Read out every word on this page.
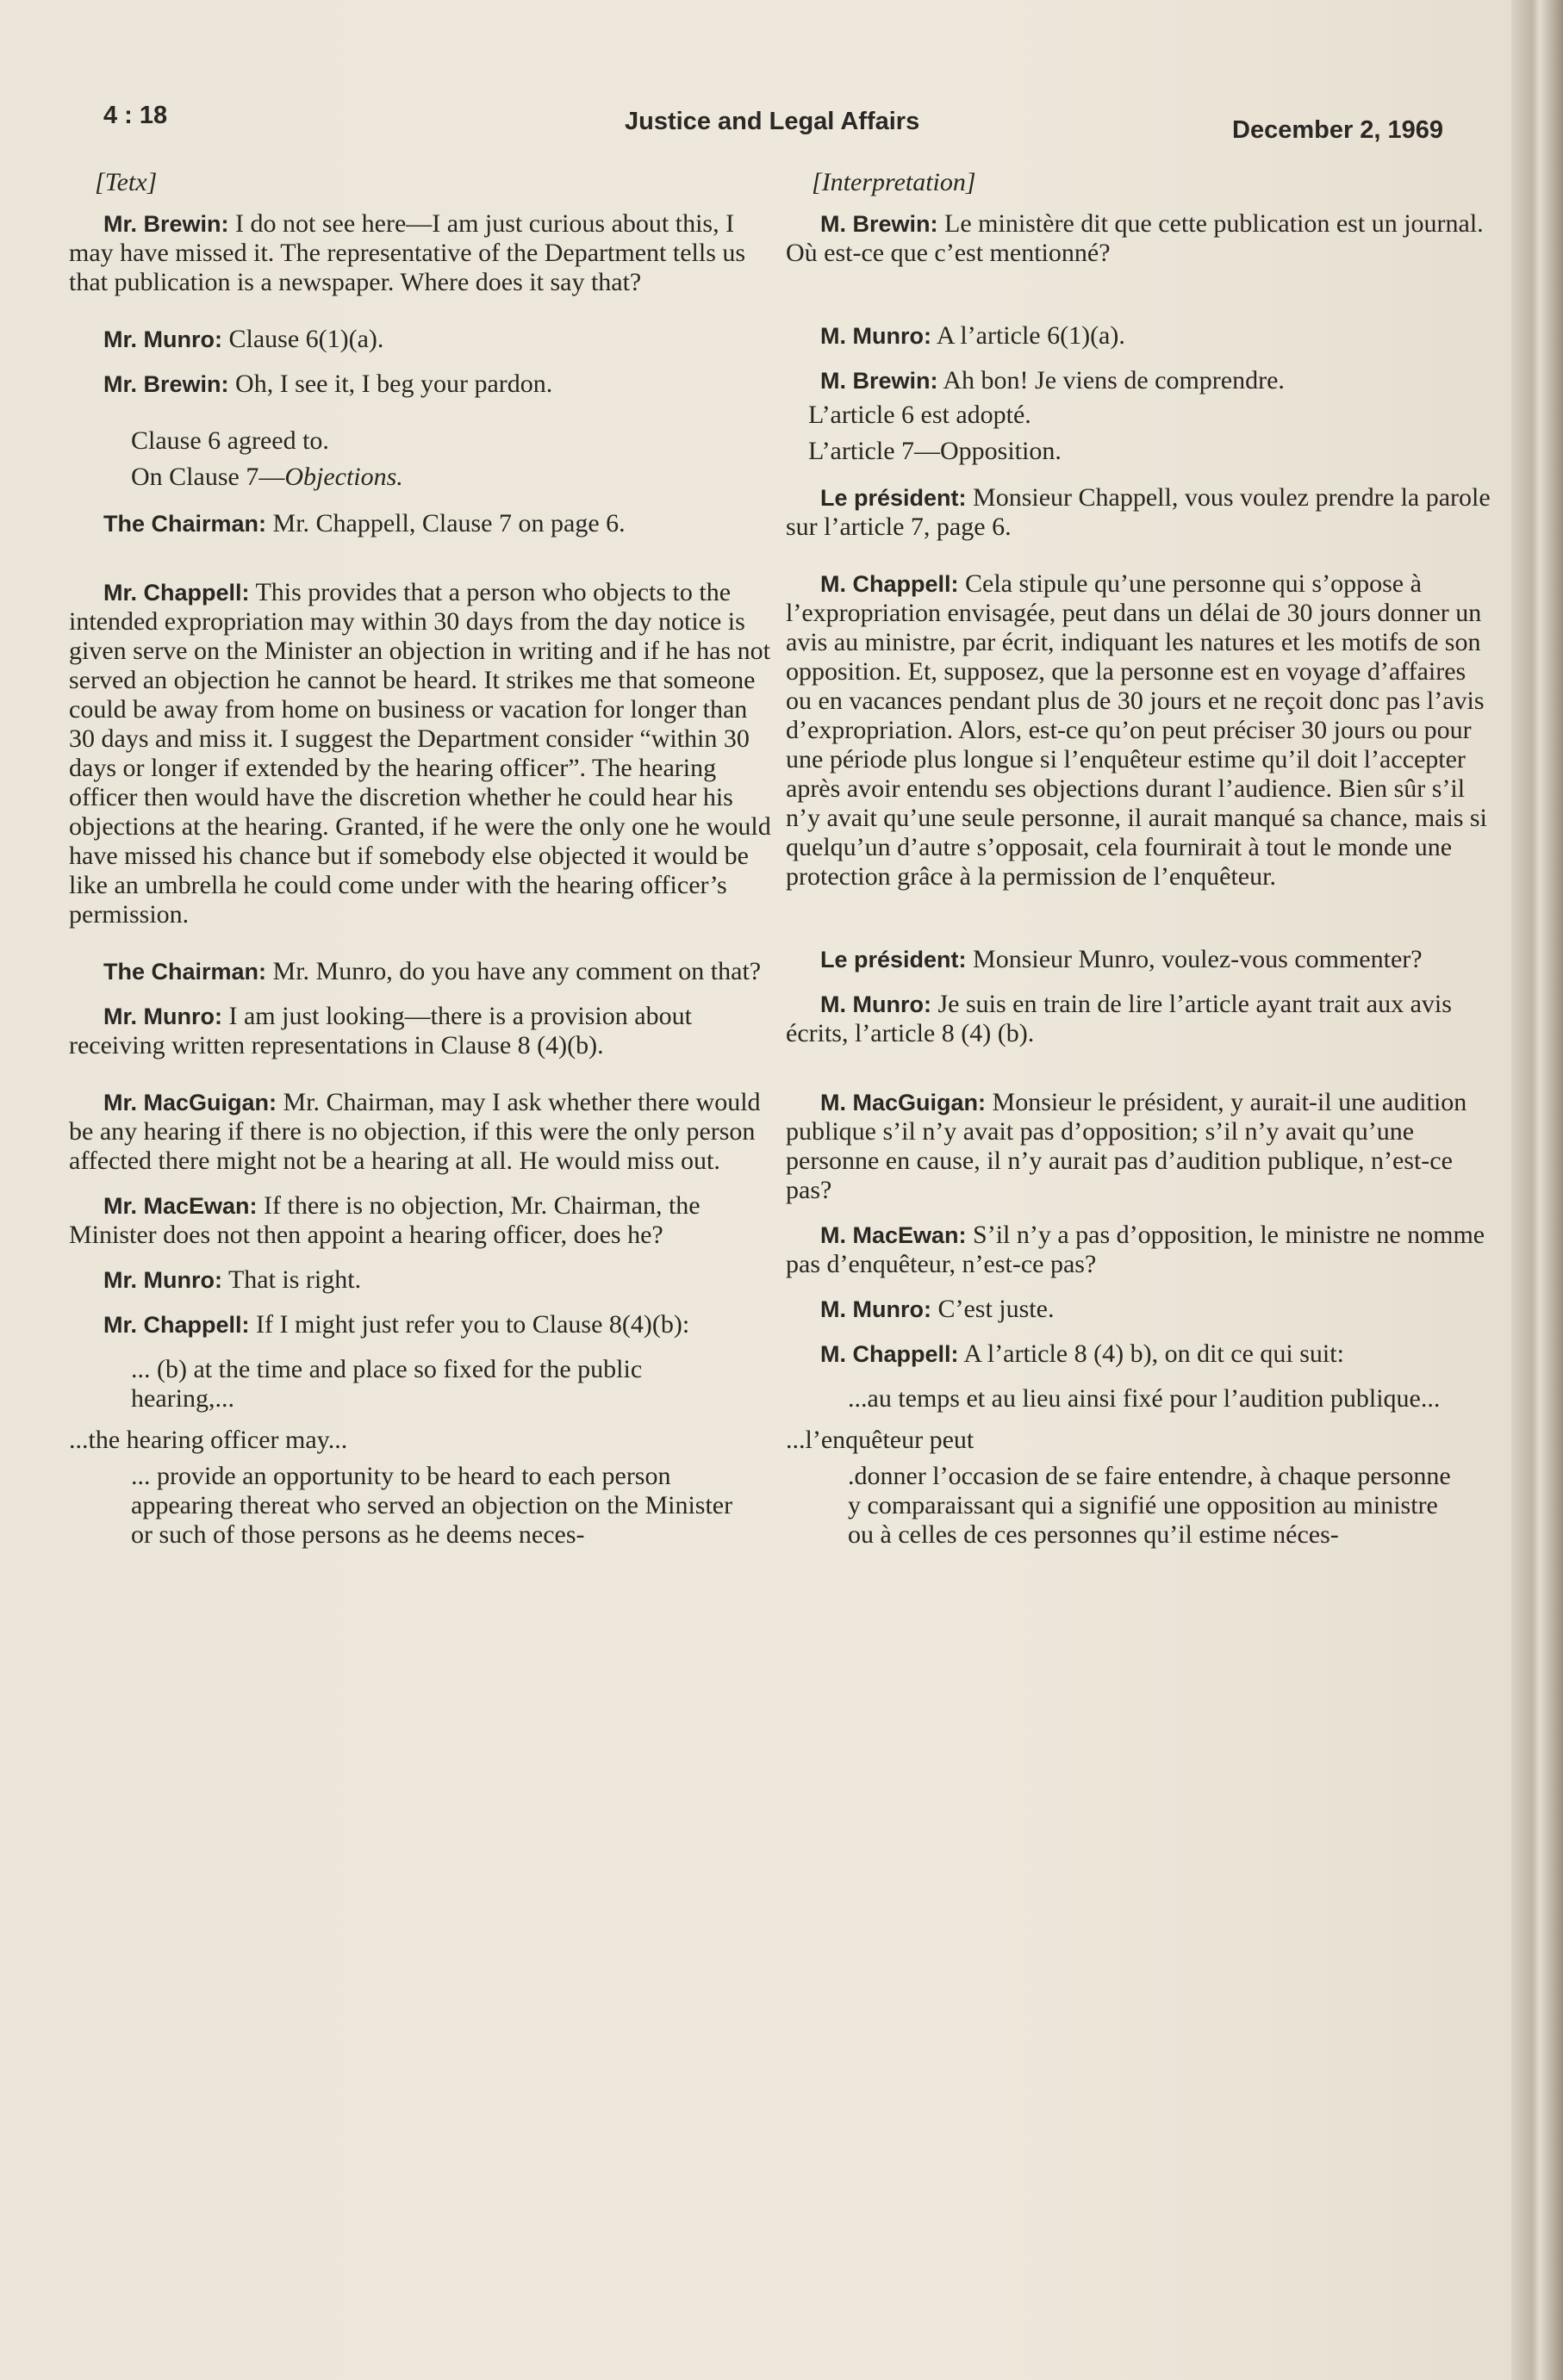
4 : 18	Justice and Legal Affairs	December 2, 1969
[Tetx]

Mr. Brewin: I do not see here—I am just curious about this, I may have missed it. The representative of the Department tells us that publication is a newspaper. Where does it say that?

Mr. Munro: Clause 6(1)(a).

Mr. Brewin: Oh, I see it, I beg your pardon.

Clause 6 agreed to.
On Clause 7—Objections.

The Chairman: Mr. Chappell, Clause 7 on page 6.

Mr. Chappell: This provides that a person who objects to the intended expropriation may within 30 days from the day notice is given serve on the Minister an objection in writing and if he has not served an objection he cannot be heard. It strikes me that someone could be away from home on business or vacation for longer than 30 days and miss it. I suggest the Department consider “within 30 days or longer if extended by the hearing officer”. The hearing officer then would have the discretion whether he could hear his objections at the hearing. Granted, if he were the only one he would have missed his chance but if somebody else objected it would be like an umbrella he could come under with the hearing officer’s permission.

The Chairman: Mr. Munro, do you have any comment on that?

Mr. Munro: I am just looking—there is a provision about receiving written representations in Clause 8 (4)(b).

Mr. MacGuigan: Mr. Chairman, may I ask whether there would be any hearing if there is no objection, if this were the only person affected there might not be a hearing at all. He would miss out.

Mr. MacEwan: If there is no objection, Mr. Chairman, the Minister does not then appoint a hearing officer, does he?

Mr. Munro: That is right.

Mr. Chappell: If I might just refer you to Clause 8(4)(b):

... (b) at the time and place so fixed for the public hearing,...
...the hearing officer may...
... provide an opportunity to be heard to each person appearing thereat who served an objection on the Minister or such of those persons as he deems neces-
[Interpretation]

M. Brewin: Le ministère dit que cette publication est un journal. Où est-ce que c’est mentionné?

M. Munro: A l’article 6(1)(a).

M. Brewin: Ah bon! Je viens de comprendre.

L’article 6 est adopté.
L’article 7—Opposition.

Le président: Monsieur Chappell, vous voulez prendre la parole sur l’article 7, page 6.

M. Chappell: Cela stipule qu’une personne qui s’oppose à l’expropriation envisagée, peut dans un délai de 30 jours donner un avis au ministre, par écrit, indiquant les natures et les motifs de son opposition. Et, supposez, que la personne est en voyage d’affaires ou en vacances pendant plus de 30 jours et ne reçoit donc pas l’avis d’expropriation. Alors, est-ce qu’on peut préciser 30 jours ou pour une période plus longue si l’enquêteur estime qu’il doit l’accepter après avoir entendu ses objections durant l’audience. Bien sûr s’il n’y avait qu’une seule personne, il aurait manqué sa chance, mais si quelqu’un d’autre s’opposait, cela fournirait à tout le monde une protection grâce à la permission de l’enquêteur.

Le président: Monsieur Munro, voulez-vous commenter?

M. Munro: Je suis en train de lire l’article ayant trait aux avis écrits, l’article 8 (4) (b).

M. MacGuigan: Monsieur le président, y aurait-il une audition publique s’il n’y avait pas d’opposition; s’il n’y avait qu’une personne en cause, il n’y aurait pas d’audition publique, n’est-ce pas?

M. MacEwan: S’il n’y a pas d’opposition, le ministre ne nomme pas d’enquêteur, n’est-ce pas?

M. Munro: C’est juste.

M. Chappell: A l’article 8 (4) b), on dit ce qui suit:

...au temps et au lieu ainsi fixé pour l’audition publique...
...l’enquêteur peut
.donner l’occasion de se faire entendre, à chaque personne y comparaissant qui a signifié une opposition au ministre ou à celles de ces personnes qu’il estime néces-
